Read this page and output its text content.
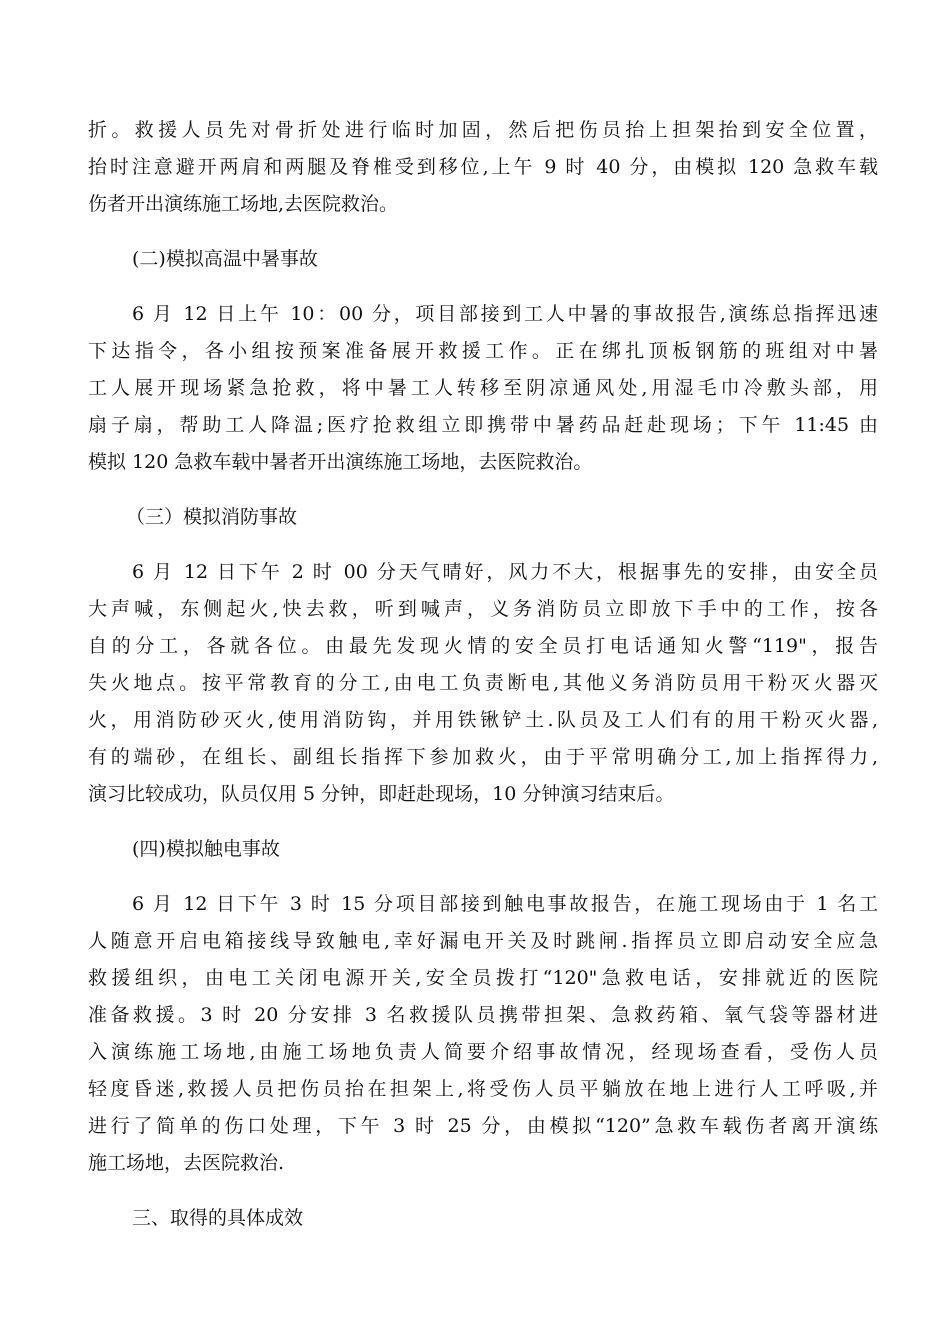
折。救援人员先对骨折处进行临时加固，然后把伤员抬上担架抬到安全位置，
抬时注意避开两肩和两腿及脊椎受到移位,上午 9 时 40 分，由模拟 120 急救车载
伤者开出演练施工场地,去医院救治。
(二)模拟高温中暑事故
6 月 12 日上午 10：00 分，项目部接到工人中暑的事故报告,演练总指挥迅速
下达指令，各小组按预案准备展开救援工作。正在绑扎顶板钢筋的班组对中暑
工人展开现场紧急抢救，将中暑工人转移至阴凉通风处,用湿毛巾冷敷头部，用
扇子扇，帮助工人降温;医疗抢救组立即携带中暑药品赶赴现场；下午 11:45 由
模拟 120 急救车载中暑者开出演练施工场地，去医院救治。
（三）模拟消防事故
6 月 12 日下午 2 时 00 分天气晴好，风力不大，根据事先的安排，由安全员
大声喊，东侧起火,快去救，听到喊声，义务消防员立即放下手中的工作，按各
自的分工，各就各位。由最先发现火情的安全员打电话通知火警“119"，报告
失火地点。按平常教育的分工,由电工负责断电,其他义务消防员用干粉灭火器灭
火，用消防砂灭火,使用消防钩，并用铁锹铲土.队员及工人们有的用干粉灭火器,
有的端砂，在组长、副组长指挥下参加救火，由于平常明确分工,加上指挥得力,
演习比较成功，队员仅用 5 分钟，即赶赴现场，10 分钟演习结束后。
(四)模拟触电事故
6 月 12 日下午 3 时 15 分项目部接到触电事故报告，在施工现场由于 1 名工
人随意开启电箱接线导致触电,幸好漏电开关及时跳闸.指挥员立即启动安全应急
救援组织，由电工关闭电源开关,安全员拨打“120"急救电话，安排就近的医院
准备救援。3 时 20 分安排 3 名救援队员携带担架、急救药箱、氧气袋等器材进
入演练施工场地,由施工场地负责人简要介绍事故情况，经现场查看，受伤人员
轻度昏迷,救援人员把伤员抬在担架上,将受伤人员平躺放在地上进行人工呼吸,并
进行了简单的伤口处理，下午 3 时 25 分，由模拟“120”急救车载伤者离开演练
施工场地，去医院救治.
三、取得的具体成效
